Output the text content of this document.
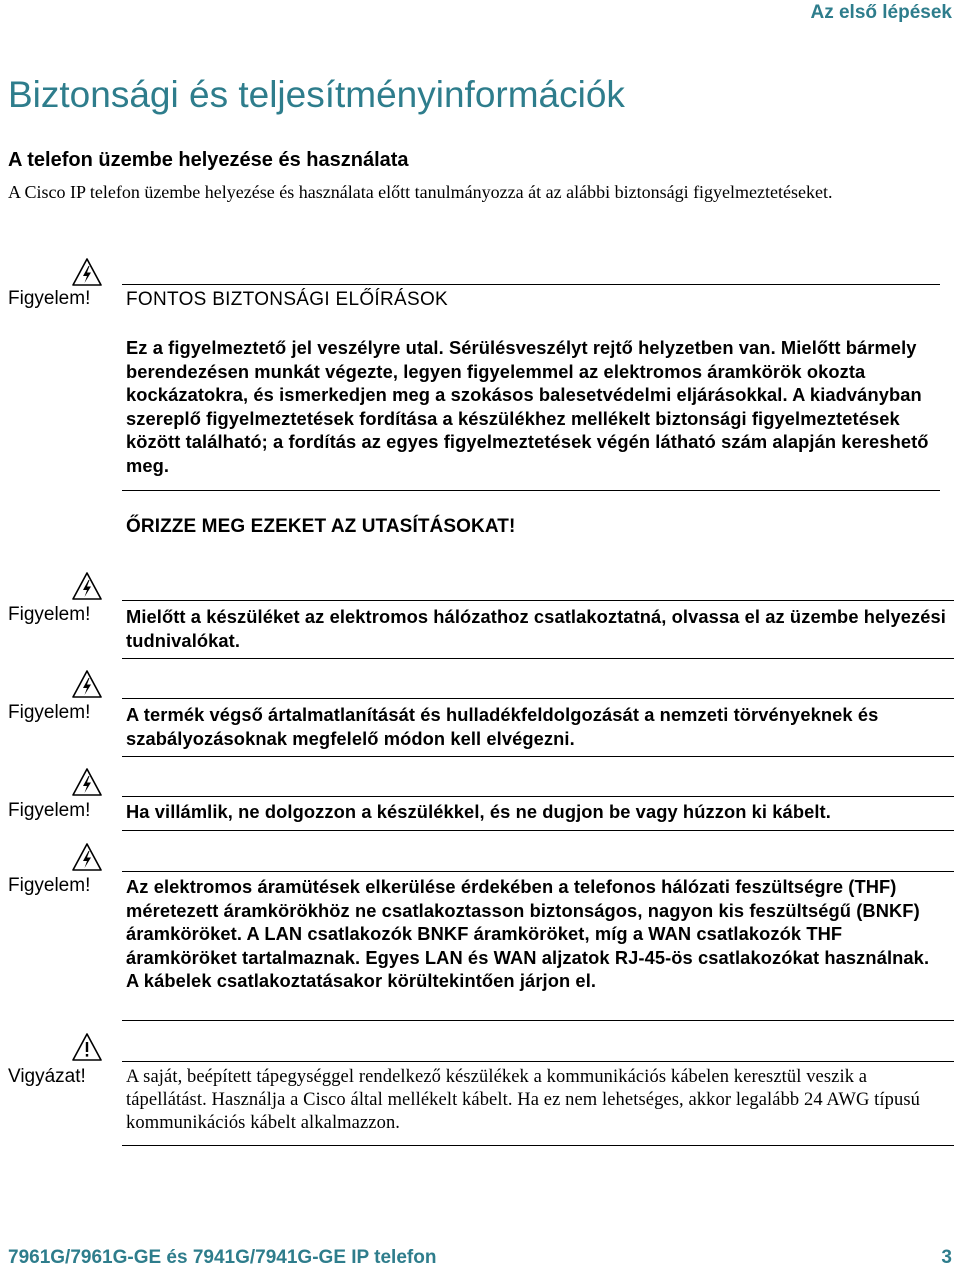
Az első lépések
Biztonsági és teljesítményinformációk
A telefon üzembe helyezése és használata
A Cisco IP telefon üzembe helyezése és használata előtt tanulmányozza át az alábbi biztonsági figyelmeztetéseket.
Figyelem! FONTOS BIZTONSÁGI ELŐÍRÁSOK

Ez a figyelmeztető jel veszélyre utal. Sérülésveszélyt rejtő helyzetben van. Mielőtt bármely berendezésen munkát végezte, legyen figyelemmel az elektromos áramkörök okozta kockázatokra, és ismerkedjen meg a szokásos balesetvédelmi eljárásokkal. A kiadványban szereplő figyelmeztetések fordítása a készülékhez mellékelt biztonsági figyelmeztetések között található; a fordítás az egyes figyelmeztetések végén látható szám alapján kereshető meg.

ŐRIZZE MEG EZEKET AZ UTASÍTÁSOKAT!
Figyelem! Mielőtt a készüléket az elektromos hálózathoz csatlakoztatná, olvassa el az üzembe helyezési tudnivalókat.

Figyelem! A termék végső ártalmatlanítását és hulladékfeldolgozását a nemzeti törvényeknek és szabályozásoknak megfelelő módon kell elvégezni.

Figyelem! Ha villámlik, ne dolgozzon a készülékkel, és ne dugjon be vagy húzzon ki kábelt.

Figyelem! Az elektromos áramütések elkerülése érdekében a telefonos hálózati feszültségre (THF) méretezett áramkörökhöz ne csatlakoztasson biztonságos, nagyon kis feszültségű (BNKF) áramköröket. A LAN csatlakozók BNKF áramköröket, míg a WAN csatlakozók THF áramköröket tartalmaznak. Egyes LAN és WAN aljzatok RJ-45-ös csatlakozókat használnak. A kábelek csatlakoztatásakor körültekintően járjon el.

Vigyázat! A saját, beépített tápegységgel rendelkező készülékek a kommunikációs kábelen keresztül veszik a tápellátást. Használja a Cisco által mellékelt kábelt. Ha ez nem lehetséges, akkor legalább 24 AWG típusú kommunikációs kábelt alkalmazzon.

7961G/7961G-GE és 7941G/7941G-GE IP telefon	3
